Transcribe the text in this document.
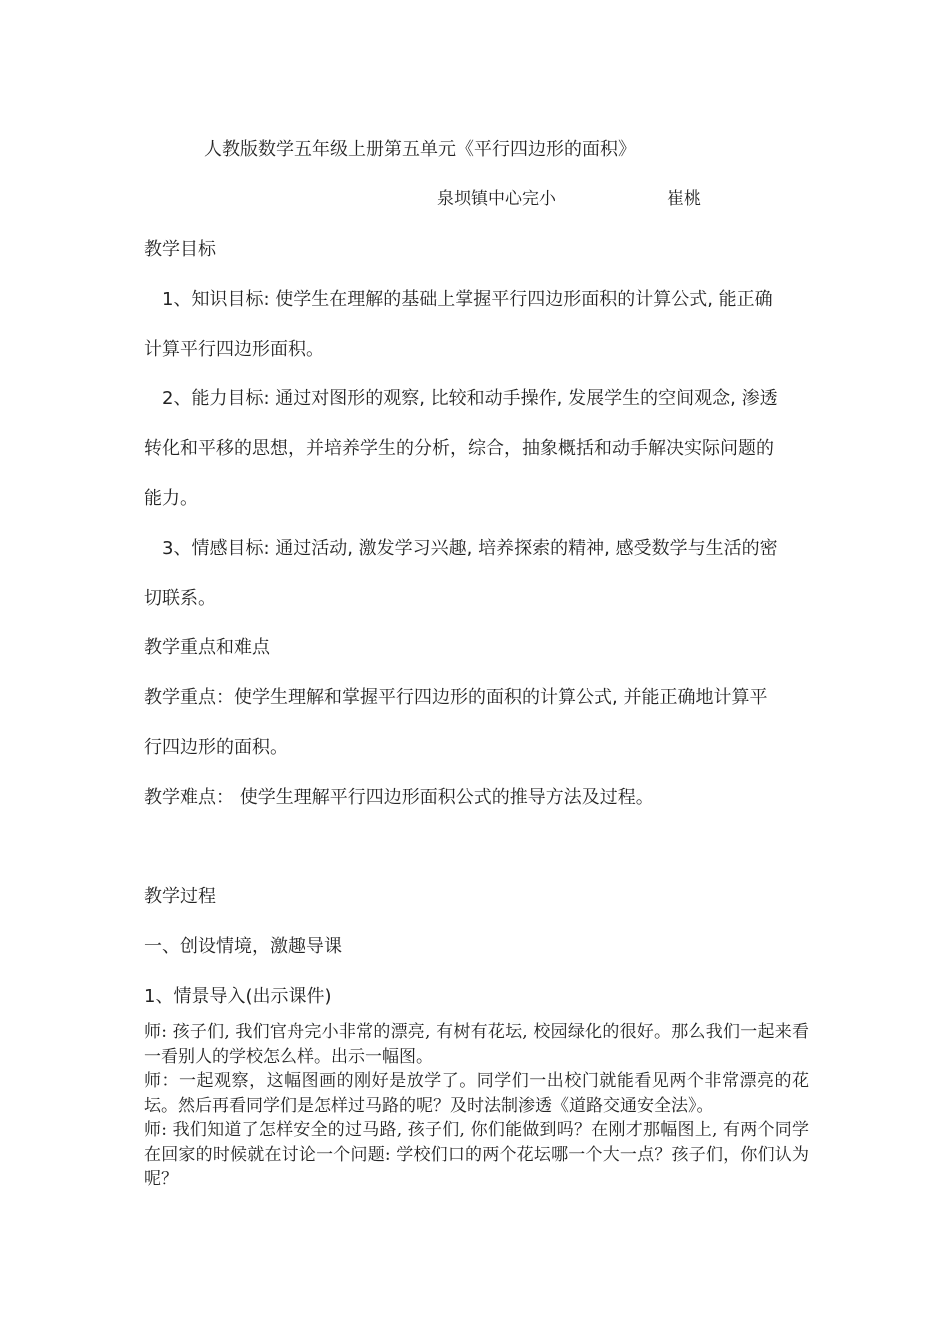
人教版数学五年级上册第五单元《平行四边形的面积》

泉坝镇中心完小	崔桃

教学目标

1、知识目标: 使学生在理解的基础上掌握平行四边形面积的计算公式, 能正确

计算平行四边形面积。

2、能力目标: 通过对图形的观察, 比较和动手操作, 发展学生的空间观念, 渗透

转化和平移的思想，并培养学生的分析，综合，抽象概括和动手解决实际问题的

能力。

3、情感目标: 通过活动, 激发学习兴趣, 培养探索的精神, 感受数学与生活的密

切联系。

教学重点和难点

教学重点：使学生理解和掌握平行四边形的面积的计算公式, 并能正确地计算平

行四边形的面积。

教学难点： 使学生理解平行四边形面积公式的推导方法及过程。

教学过程

一、创设情境，激趣导课

1、情景导入(出示课件)

师: 孩子们, 我们官舟完小非常的漂亮, 有树有花坛, 校园绿化的很好。那么我们一起来看一看别人的学校怎么样。出示一幅图。

师：一起观察，这幅图画的刚好是放学了。同学们一出校门就能看见两个非常漂亮的花坛。然后再看同学们是怎样过马路的呢？及时法制渗透《道路交通安全法》。

师: 我们知道了怎样安全的过马路, 孩子们, 你们能做到吗？在刚才那幅图上, 有两个同学在回家的时候就在讨论一个问题: 学校们口的两个花坛哪一个大一点？孩子们，你们认为呢？
